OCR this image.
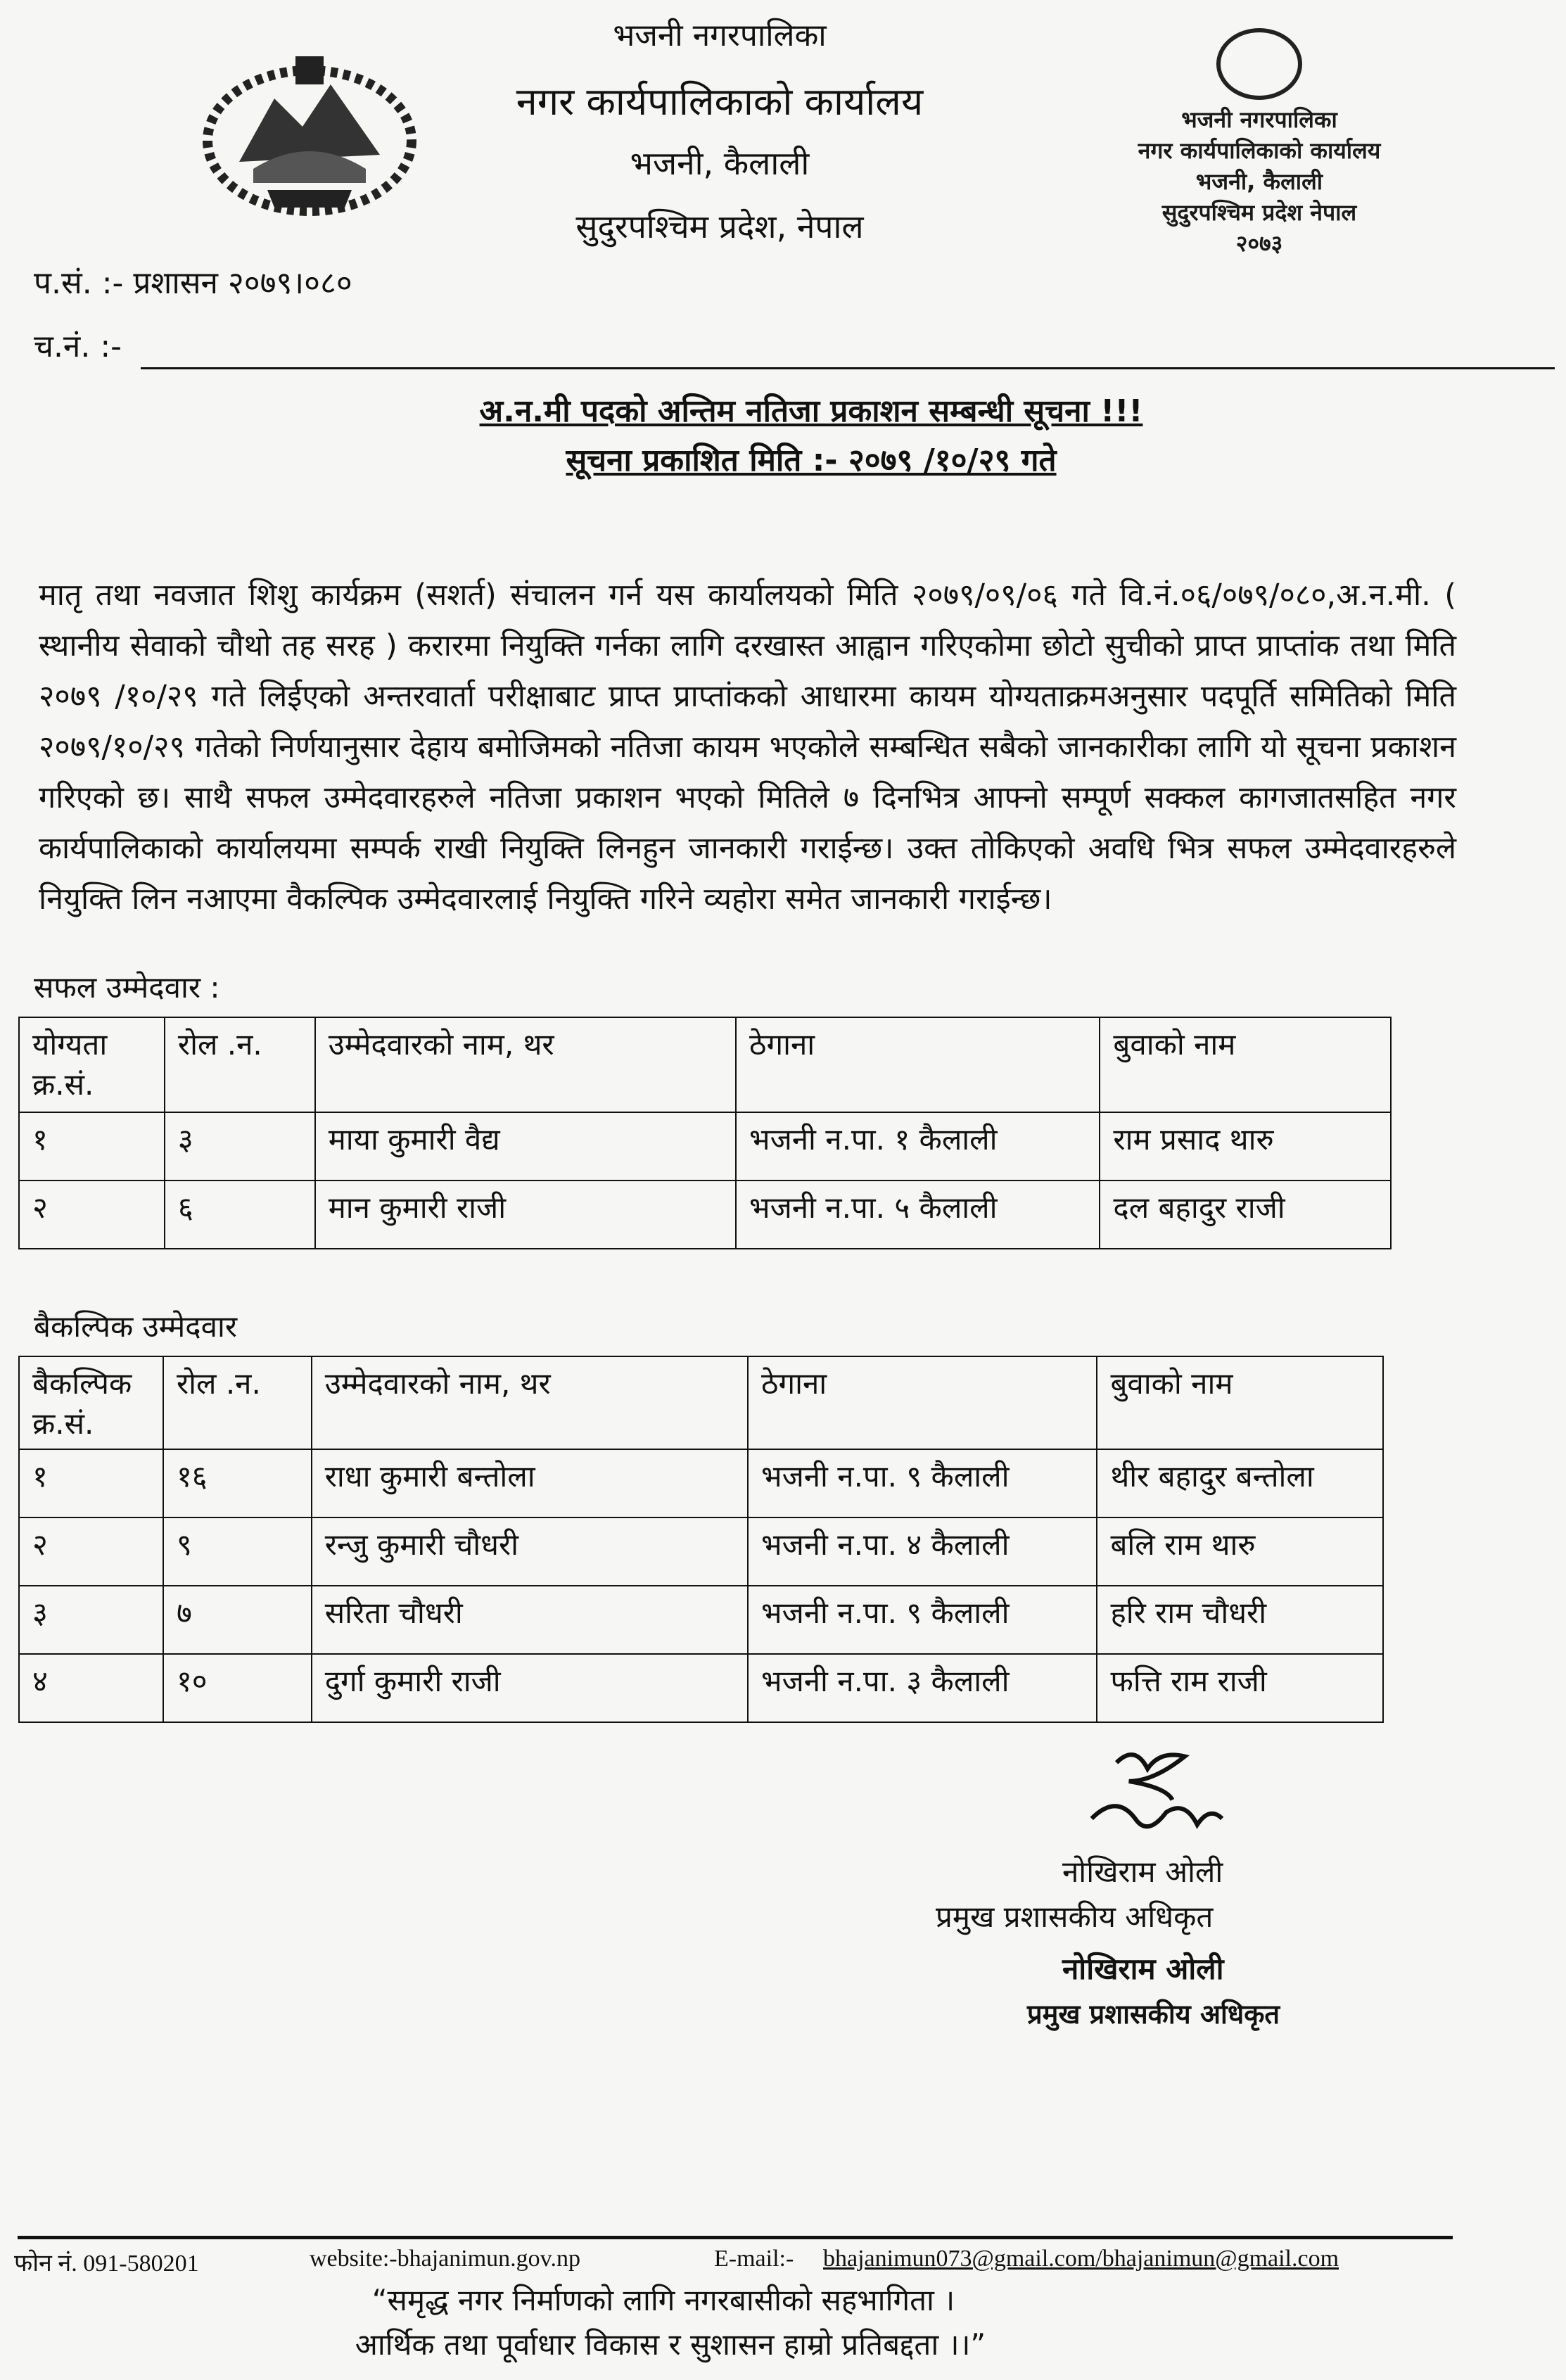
भजनी नगरपालिका
नगर कार्यपालिकाको कार्यालय
भजनी, कैलाली
सुदुरपश्चिम प्रदेश, नेपाल
प.सं. :- प्रशासन २०७९।०८०
च.नं. :-
भजनी नगरपालिका
नगर कार्यपालिकाको कार्यालय
भजनी, कैलाली
सुदुरपश्चिम प्रदेश नेपाल
२०७३
अ.न.मी पदको अन्तिम नतिजा प्रकाशन सम्बन्धी सूचना !!!
सूचना प्रकाशित मिति :- २०७९ /१०/२९ गते
मातृ तथा नवजात शिशु कार्यक्रम (सशर्त) संचालन गर्न यस कार्यालयको मिति २०७९/०९/०६ गते वि.नं.०६/०७९/०८०,अ.न.मी. ( स्थानीय सेवाको चौथो तह सरह ) करारमा नियुक्ति गर्नका लागि दरखास्त आह्वान गरिएकोमा छोटो सुचीको प्राप्त प्राप्तांक तथा मिति २०७९ /१०/२९ गते लिईएको अन्तरवार्ता परीक्षाबाट प्राप्त प्राप्तांकको आधारमा कायम योग्यताक्रमअनुसार पदपूर्ति समितिको मिति २०७९/१०/२९ गतेको निर्णयानुसार देहाय बमोजिमको नतिजा कायम भएकोले सम्बन्धित सबैको जानकारीका लागि यो सूचना प्रकाशन गरिएको छ। साथै सफल उम्मेदवारहरुले नतिजा प्रकाशन भएको मितिले ७ दिनभित्र आफ्नो सम्पूर्ण सक्कल कागजातसहित नगर कार्यपालिकाको कार्यालयमा सम्पर्क राखी नियुक्ति लिनहुन जानकारी गराईन्छ। उक्त तोकिएको अवधि भित्र सफल उम्मेदवारहरुले नियुक्ति लिन नआएमा वैकल्पिक उम्मेदवारलाई नियुक्ति गरिने व्यहोरा समेत जानकारी गराईन्छ।
सफल उम्मेदवार :
योग्यता क्र.सं.	रोल .न.	उम्मेदवारको नाम, थर	ठेगाना	बुवाको नाम
१	३	माया कुमारी वैद्य	भजनी न.पा. १ कैलाली	राम प्रसाद थारु
२	६	मान कुमारी राजी	भजनी न.पा. ५ कैलाली	दल बहादुर राजी
बैकल्पिक उम्मेदवार
बैकल्पिक क्र.सं.	रोल .न.	उम्मेदवारको नाम, थर	ठेगाना	बुवाको नाम
१	१६	राधा कुमारी बन्तोला	भजनी न.पा. ९ कैलाली	थीर बहादुर बन्तोला
२	९	रन्जु कुमारी चौधरी	भजनी न.पा. ४ कैलाली	बलि राम थारु
३	७	सरिता चौधरी	भजनी न.पा. ९ कैलाली	हरि राम चौधरी
४	१०	दुर्गा कुमारी राजी	भजनी न.पा. ३ कैलाली	फत्ति राम राजी
नोखिराम ओली
प्रमुख प्रशासकीय अधिकृत
नोखिराम ओली
प्रमुख प्रशासकीय अधिकृत
फोन नं. 091-580201	website:-bhajanimun.gov.np	E-mail:- bhajanimun073@gmail.com/bhajanimun@gmail.com
“समृद्ध नगर निर्माणको लागि नगरबासीको सहभागिता ।
आर्थिक तथा पूर्वाधार विकास र सुशासन हाम्रो प्रतिबद्दता ।।”
